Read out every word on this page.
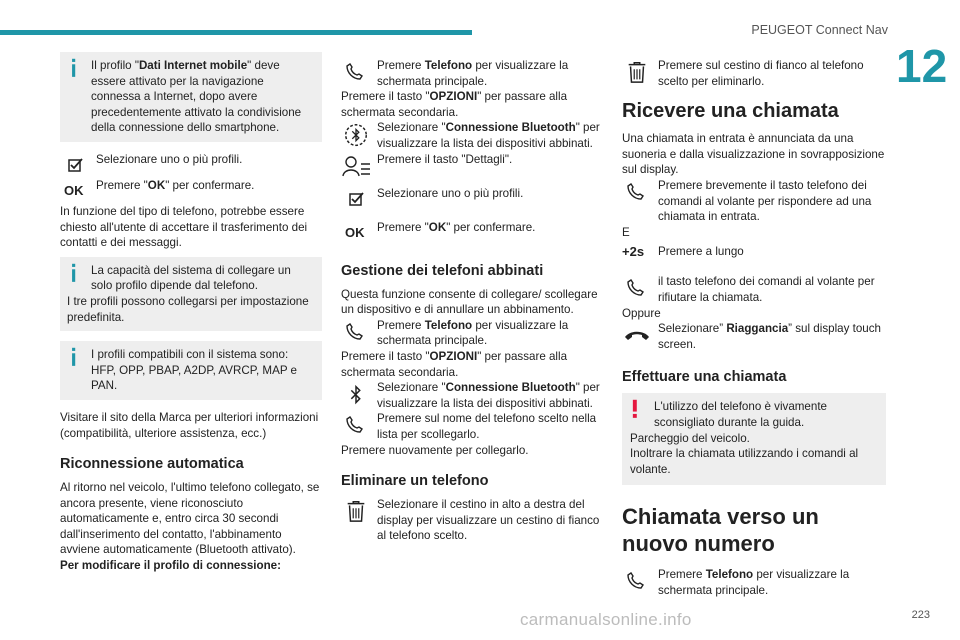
PEUGEOT Connect Nav
12
Il profilo "Dati Internet mobile" deve essere attivato per la navigazione connessa a Internet, dopo avere precedentemente attivato la condivisione della connessione dello smartphone.
Selezionare uno o più profili.
OK	Premere "OK" per confermare.

In funzione del tipo di telefono, potrebbe essere chiesto all'utente di accettare il trasferimento dei contatti e dei messaggi.

La capacità del sistema di collegare un solo profilo dipende dal telefono.
I tre profili possono collegarsi per impostazione predefinita.
I profili compatibili con il sistema sono: HFP, OPP, PBAP, A2DP, AVRCP, MAP e PAN.

Visitare il sito della Marca per ulteriori informazioni (compatibilità, ulteriore assistenza, ecc.)

Riconnessione automatica

Al ritorno nel veicolo, l'ultimo telefono collegato, se ancora presente, viene riconosciuto automaticamente e, entro circa 30 secondi dall'inserimento del contatto, l'abbinamento avviene automaticamente (Bluetooth attivato).
Per modificare il profilo di connessione:

Premere Telefono per visualizzare la schermata principale.

Premere il tasto "OPZIONI" per passare alla schermata secondaria.

Selezionare "Connessione Bluetooth" per visualizzare la lista dei dispositivi abbinati.
Premere il tasto "Dettagli".
Selezionare uno o più profili.
OK	Premere "OK" per confermare.
Gestione dei telefoni abbinati

Questa funzione consente di collegare/ scollegare un dispositivo e di annullare un abbinamento.

Premere Telefono per visualizzare la schermata principale.

Premere il tasto "OPZIONI" per passare alla schermata secondaria.

Selezionare "Connessione Bluetooth" per visualizzare la lista dei dispositivi abbinati.
Premere sul nome del telefono scelto nella lista per scollegarlo.

Premere nuovamente per collegarlo.

Eliminare un telefono
Selezionare il cestino in alto a destra del display per visualizzare un cestino di fianco al telefono scelto.
Premere sul cestino di fianco al telefono scelto per eliminarlo.
Ricevere una chiamata

Una chiamata in entrata è annunciata da una suoneria e dalla visualizzazione in sovrapposizione sul display.

Premere brevemente il tasto telefono dei comandi al volante per rispondere ad una chiamata in entrata.

E

+2s	Premere a lungo
il tasto telefono dei comandi al volante per rifiutare la chiamata.

Oppure

Selezionare” Riaggancia” sul display touch screen.
Effettuare una chiamata
L'utilizzo del telefono è vivamente sconsigliato durante la guida.
Parcheggio del veicolo.
Inoltrare la chiamata utilizzando i comandi al volante.
Chiamata verso un nuovo numero
Premere Telefono per visualizzare la schermata principale.
carmanualsonline.info	223
